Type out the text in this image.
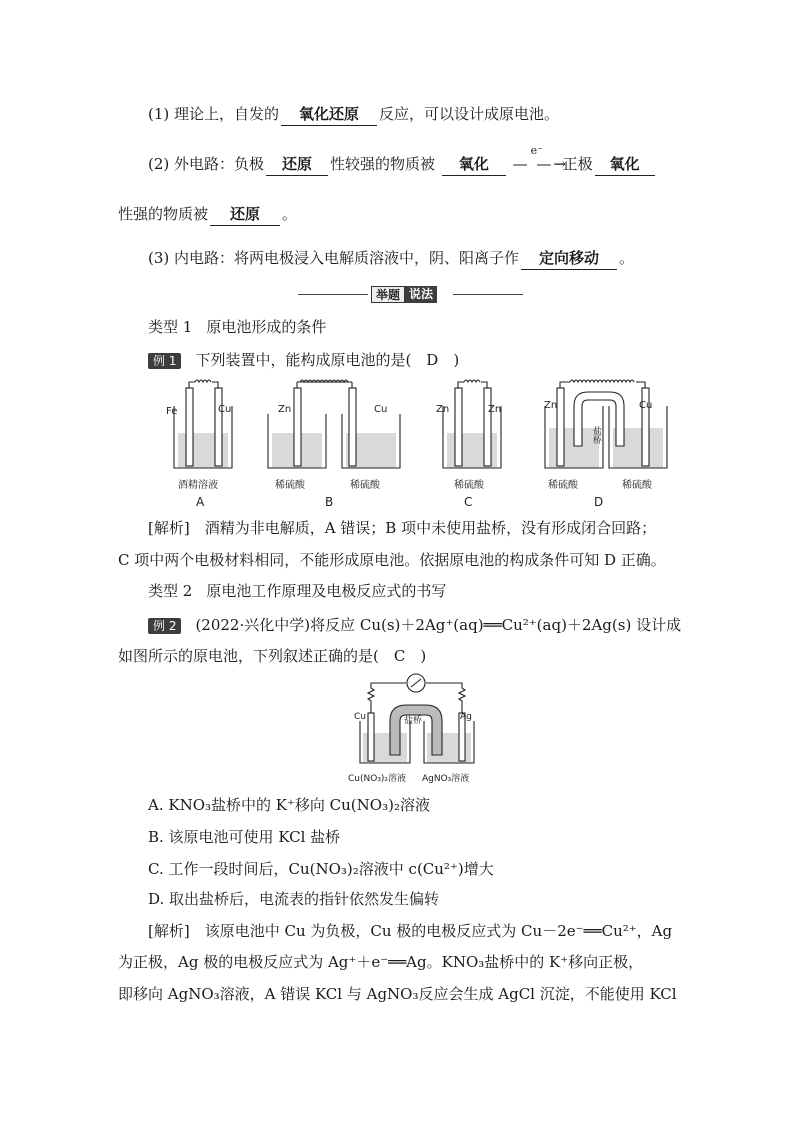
(1) 理论上，自发的 氧化还原 反应，可以设计成原电池。
(2) 外电路：负极 还原 性较强的物质被 氧化
e⁻
— —→正极 氧化
性强的物质被 还原 。
(3) 内电路：将两电极浸入电解质溶液中，阴、阳离子作 定向移动 。
举题 说法
类型 1 原电池形成的条件
例 1 下列装置中，能构成原电池的是(　D　)
Fe	Cu
酒精溶液
A
Zn	Cu
稀硫酸	稀硫酸
B
Zn	Zn
稀硫酸
C
Zn	Cu
盐桥
稀硫酸	稀硫酸
D
[解析]　酒精为非电解质，A 错误；B 项中未使用盐桥，没有形成闭合回路；
C 项中两个电极材料相同，不能形成原电池。依据原电池的构成条件可知 D 正确。
类型 2 原电池工作原理及电极反应式的书写
例 2 (2022·兴化中学)将反应 Cu(s)＋2Ag⁺(aq)══Cu²⁺(aq)＋2Ag(s) 设计成
如图所示的原电池，下列叙述正确的是(　C　)
Cu	Ag
盐桥
Cu(NO₃)₂溶液 AgNO₃溶液
A. KNO₃盐桥中的 K⁺移向 Cu(NO₃)₂溶液
B. 该原电池可使用 KCl 盐桥
C. 工作一段时间后，Cu(NO₃)₂溶液中 c(Cu²⁺)增大
D. 取出盐桥后，电流表的指针依然发生偏转
[解析]　该原电池中 Cu 为负极，Cu 极的电极反应式为 Cu－2e⁻══Cu²⁺，Ag
为正极，Ag 极的电极反应式为 Ag⁺＋e⁻══Ag。KNO₃盐桥中的 K⁺移向正极，
即移向 AgNO₃溶液，A 错误 KCl 与 AgNO₃反应会生成 AgCl 沉淀，不能使用 KCl
